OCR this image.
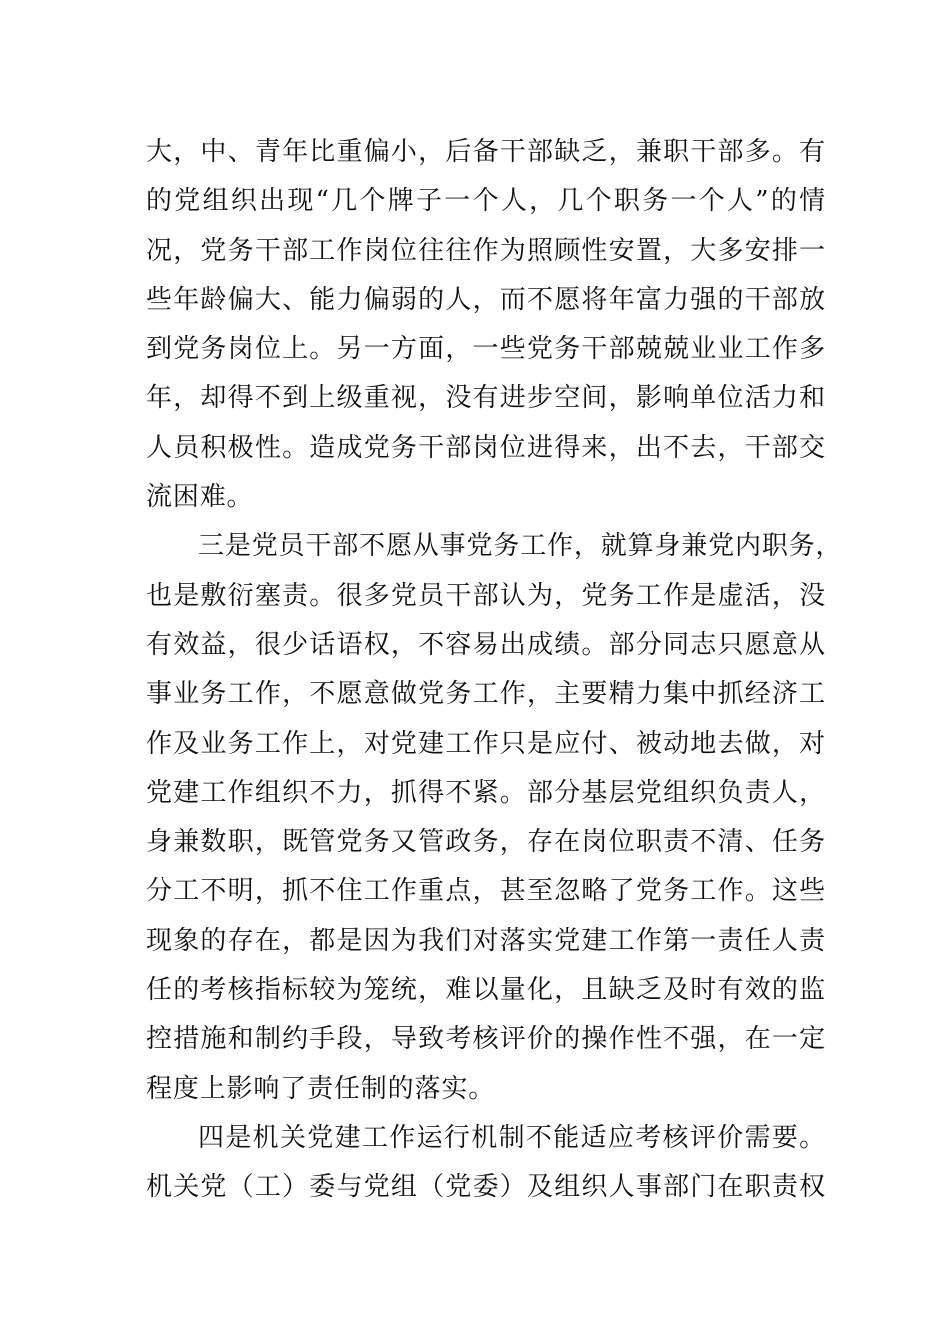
大，中、青年比重偏小，后备干部缺乏，兼职干部多。有
的党组织出现“几个牌子一个人，几个职务一个人”的情
况，党务干部工作岗位往往作为照顾性安置，大多安排一
些年龄偏大、能力偏弱的人，而不愿将年富力强的干部放
到党务岗位上。另一方面，一些党务干部兢兢业业工作多
年，却得不到上级重视，没有进步空间，影响单位活力和
人员积极性。造成党务干部岗位进得来，出不去，干部交
流困难。
三是党员干部不愿从事党务工作，就算身兼党内职务，
也是敷衍塞责。很多党员干部认为，党务工作是虚活，没
有效益，很少话语权，不容易出成绩。部分同志只愿意从
事业务工作，不愿意做党务工作，主要精力集中抓经济工
作及业务工作上，对党建工作只是应付、被动地去做，对
党建工作组织不力，抓得不紧。部分基层党组织负责人，
身兼数职，既管党务又管政务，存在岗位职责不清、任务
分工不明，抓不住工作重点，甚至忽略了党务工作。这些
现象的存在，都是因为我们对落实党建工作第一责任人责
任的考核指标较为笼统，难以量化，且缺乏及时有效的监
控措施和制约手段，导致考核评价的操作性不强，在一定
程度上影响了责任制的落实。
四是机关党建工作运行机制不能适应考核评价需要。
机关党（工）委与党组（党委）及组织人事部门在职责权
